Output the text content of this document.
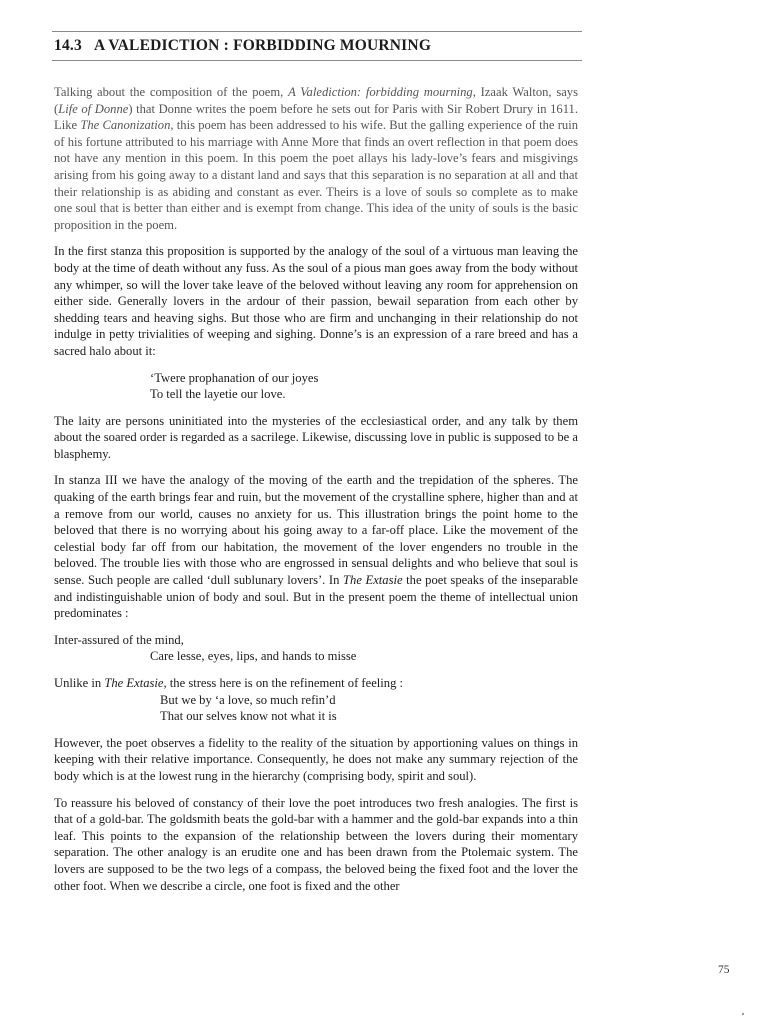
14.3 A VALEDICTION : FORBIDDING MOURNING

Talking about the composition of the poem, A Valediction: forbidding mourning, Izaak Walton, says (Life of Donne) that Donne writes the poem before he sets out for Paris with Sir Robert Drury in 1611. Like The Canonization, this poem has been addressed to his wife. But the galling experience of the ruin of his fortune attributed to his marriage with Anne More that finds an overt reflection in that poem does not have any mention in this poem. In this poem the poet allays his lady-love’s fears and misgivings arising from his going away to a distant land and says that this separation is no separation at all and that their relationship is as abiding and constant as ever. Theirs is a love of souls so complete as to make one soul that is better than either and is exempt from change. This idea of the unity of souls is the basic proposition in the poem.

In the first stanza this proposition is supported by the analogy of the soul of a virtuous man leaving the body at the time of death without any fuss. As the soul of a pious man goes away from the body without any whimper, so will the lover take leave of the beloved without leaving any room for apprehension on either side. Generally lovers in the ardour of their passion, bewail separation from each other by shedding tears and heaving sighs. But those who are firm and unchanging in their relationship do not indulge in petty trivialities of weeping and sighing. Donne’s is an expression of a rare breed and has a sacred halo about it:

‘Twere prophanation of our joyes
To tell the layetie our love.

The laity are persons uninitiated into the mysteries of the ecclesiastical order, and any talk by them about the soared order is regarded as a sacrilege. Likewise, discussing love in public is supposed to be a blasphemy.

In stanza III we have the analogy of the moving of the earth and the trepidation of the spheres. The quaking of the earth brings fear and ruin, but the movement of the crystalline sphere, higher than and at a remove from our world, causes no anxiety for us. This illustration brings the point home to the beloved that there is no worrying about his going away to a far-off place. Like the movement of the celestial body far off from our habitation, the movement of the lover engenders no trouble in the beloved. The trouble lies with those who are engrossed in sensual delights and who believe that soul is sense. Such people are called ‘dull sublunary lovers’. In The Extasie the poet speaks of the inseparable and indistinguishable union of body and soul. But in the present poem the theme of intellectual union predominates :

Inter-assured of the mind,
Care lesse, eyes, lips, and hands to misse

Unlike in The Extasie, the stress here is on the refinement of feeling :

But we by ‘a love, so much refin’d
That our selves know not what it is

However, the poet observes a fidelity to the reality of the situation by apportioning values on things in keeping with their relative importance. Consequently, he does not make any summary rejection of the body which is at the lowest rung in the hierarchy (comprising body, spirit and soul).

To reassure his beloved of constancy of their love the poet introduces two fresh analogies. The first is that of a gold-bar. The goldsmith beats the gold-bar with a hammer and the gold-bar expands into a thin leaf. This points to the expansion of the relationship between the lovers during their momentary separation. The other analogy is an erudite one and has been drawn from the Ptolemaic system. The lovers are supposed to be the two legs of a compass, the beloved being the fixed foot and the lover the other foot. When we describe a circle, one foot is fixed and the other

75
